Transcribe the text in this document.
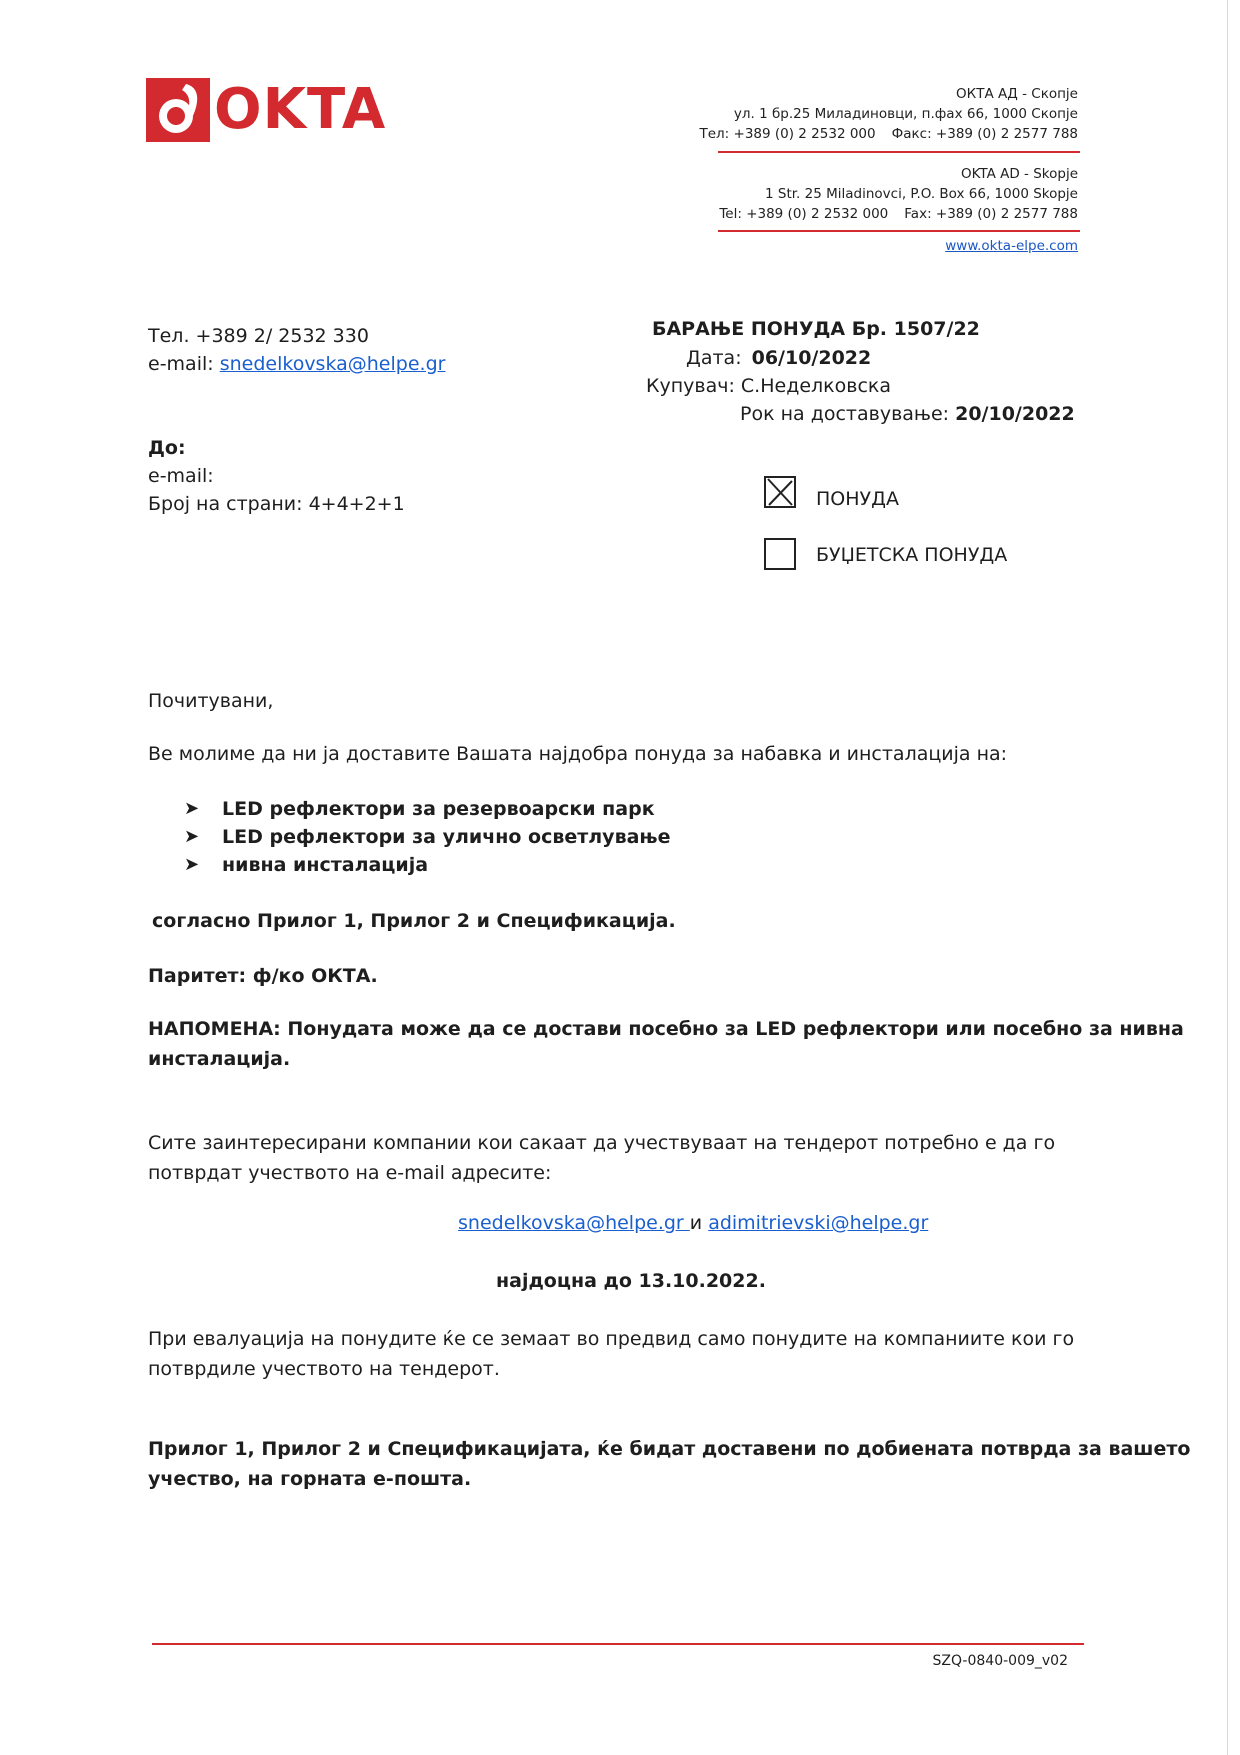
OKTA	ОКТА АД - Скопје
ул. 1 бр.25 Миладиновци, п.фах 66, 1000 Скопје
Тел: +389 (0) 2 2532 000 Факс: +389 (0) 2 2577 788
OKTA AD - Skopje
1 Str. 25 Miladinovci, P.O. Box 66, 1000 Skopje
Tel: +389 (0) 2 2532 000 Fax: +389 (0) 2 2577 788
www.okta-elpe.com
Тел. +389 2/ 2532 330
e-mail: snedelkovska@helpe.gr
БАРАЊЕ ПОНУДА Бр. 1507/22
Дата: 06/10/2022
Купувач: С.Неделковска
Рок на доставување: 20/10/2022
До:
e-mail:
Број на страни: 4+4+2+1	ПОНУДА
БУЏЕТСКА ПОНУДА
Почитувани,
Ве молиме да ни ја доставите Вашата најдобра понуда за набавка и инсталација на:
➤	LED рефлектори за резервоарски парк
➤	LED рефлектори за улично осветлување
➤	нивна инсталација
согласно Прилог 1, Прилог 2 и Спецификација.
Паритет: ф/ко ОКТА.
НАПОМЕНА: Понудата може да се достави посебно за LED рефлектори или посебно за нивна
инсталација.
Сите заинтересирани компании кои сакаат да учествуваат на тендерот потребно е да го
потврдат учеството на e-mail адресите:
snedelkovska@helpe.gr и adimitrievski@helpe.gr
најдоцна до 13.10.2022.
При евалуација на понудите ќе се земаат во предвид само понудите на компаниите кои го
потврдиле учеството на тендерот.
Прилог 1, Прилог 2 и Спецификацијата, ќе бидат доставени по добиената потврда за вашето
учество, на горната е-пошта.
SZQ-0840-009_v02
